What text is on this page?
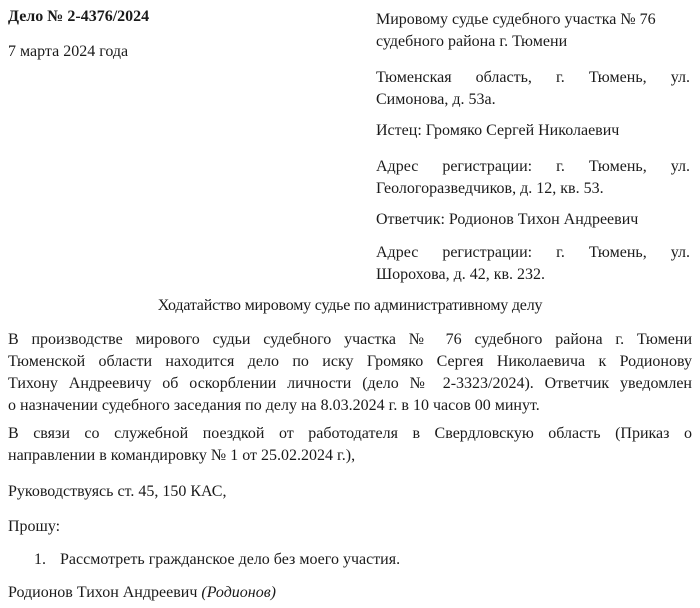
Дело № 2-4376/2024
7 марта 2024 года
Мировому судье судебного участка № 76
судебного района г. Тюмени
Тюменская область, г. Тюмень, ул.
Симонова, д. 53а.
Истец: Громяко Сергей Николаевич
Адрес регистрации: г. Тюмень, ул.
Геологоразведчиков, д. 12, кв. 53.
Ответчик: Родионов Тихон Андреевич
Адрес регистрации: г. Тюмень, ул.
Шорохова, д. 42, кв. 232.
Ходатайство мировому судье по административному делу
В производстве мирового судьи судебного участка № 76 судебного района г. Тюмени
Тюменской области находится дело по иску Громяко Сергея Николаевича к Родионову
Тихону Андреевичу об оскорблении личности (дело № 2-3323/2024). Ответчик уведомлен
о назначении судебного заседания по делу на 8.03.2024 г. в 10 часов 00 минут.
В связи со служебной поездкой от работодателя в Свердловскую область (Приказ о
направлении в командировку № 1 от 25.02.2024 г.),
Руководствуясь ст. 45, 150 КАС,
Прошу:
1. Рассмотреть гражданское дело без моего участия.
Родионов Тихон Андреевич (Родионов)
